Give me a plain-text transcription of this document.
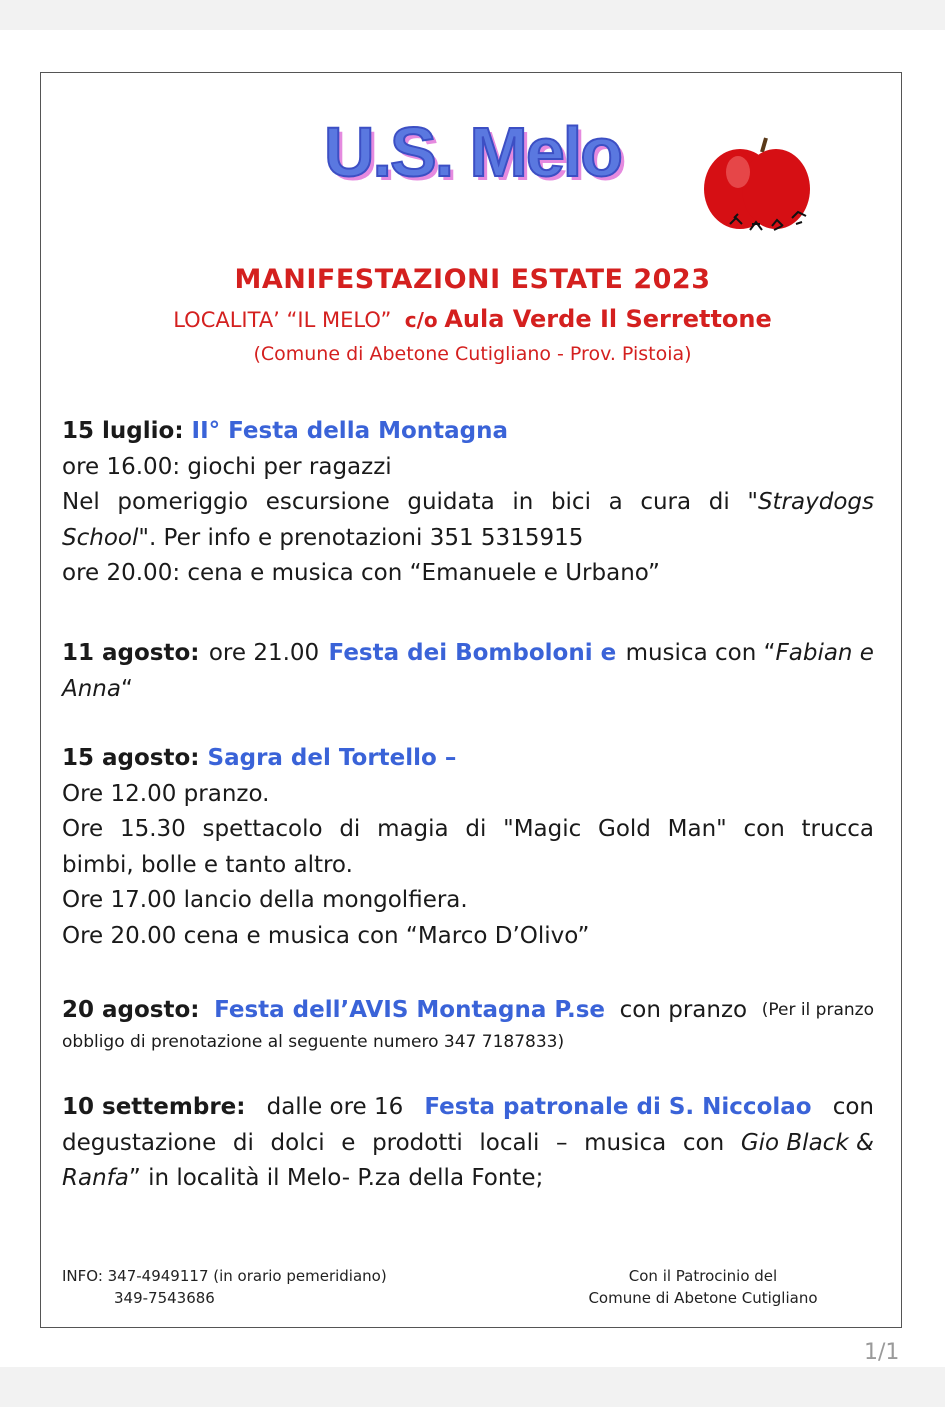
U.S. Melo
MANIFESTAZIONI ESTATE 2023
LOCALITA’ “IL MELO” c/o Aula Verde Il Serrettone
(Comune di Abetone Cutigliano - Prov. Pistoia)
15 luglio: II° Festa della Montagna
ore 16.00: giochi per ragazzi
Nel pomeriggio escursione guidata in bici a cura di "Straydogs
School". Per info e prenotazioni 351 5315915
ore 20.00: cena e musica con “Emanuele e Urbano”
11 agosto: ore 21.00 Festa dei Bomboloni e musica con “Fabian e
Anna“
15 agosto: Sagra del Tortello –
Ore 12.00 pranzo.
Ore 15.30 spettacolo di magia di "Magic Gold Man" con trucca
bimbi, bolle e tanto altro.
Ore 17.00 lancio della mongolfiera.
Ore 20.00 cena e musica con “Marco D’Olivo”
20 agosto: Festa dell’AVIS Montagna P.se con pranzo (Per il pranzo
obbligo di prenotazione al seguente numero 347 7187833)
10 settembre: dalle ore 16 Festa patronale di S. Niccolao con
degustazione di dolci e prodotti locali – musica con Gio Black &
Ranfa” in località il Melo- P.za della Fonte;
INFO: 347-4949117 (in orario pemeridiano)
349-7543686
Con il Patrocinio del
Comune di Abetone Cutigliano
1/1
